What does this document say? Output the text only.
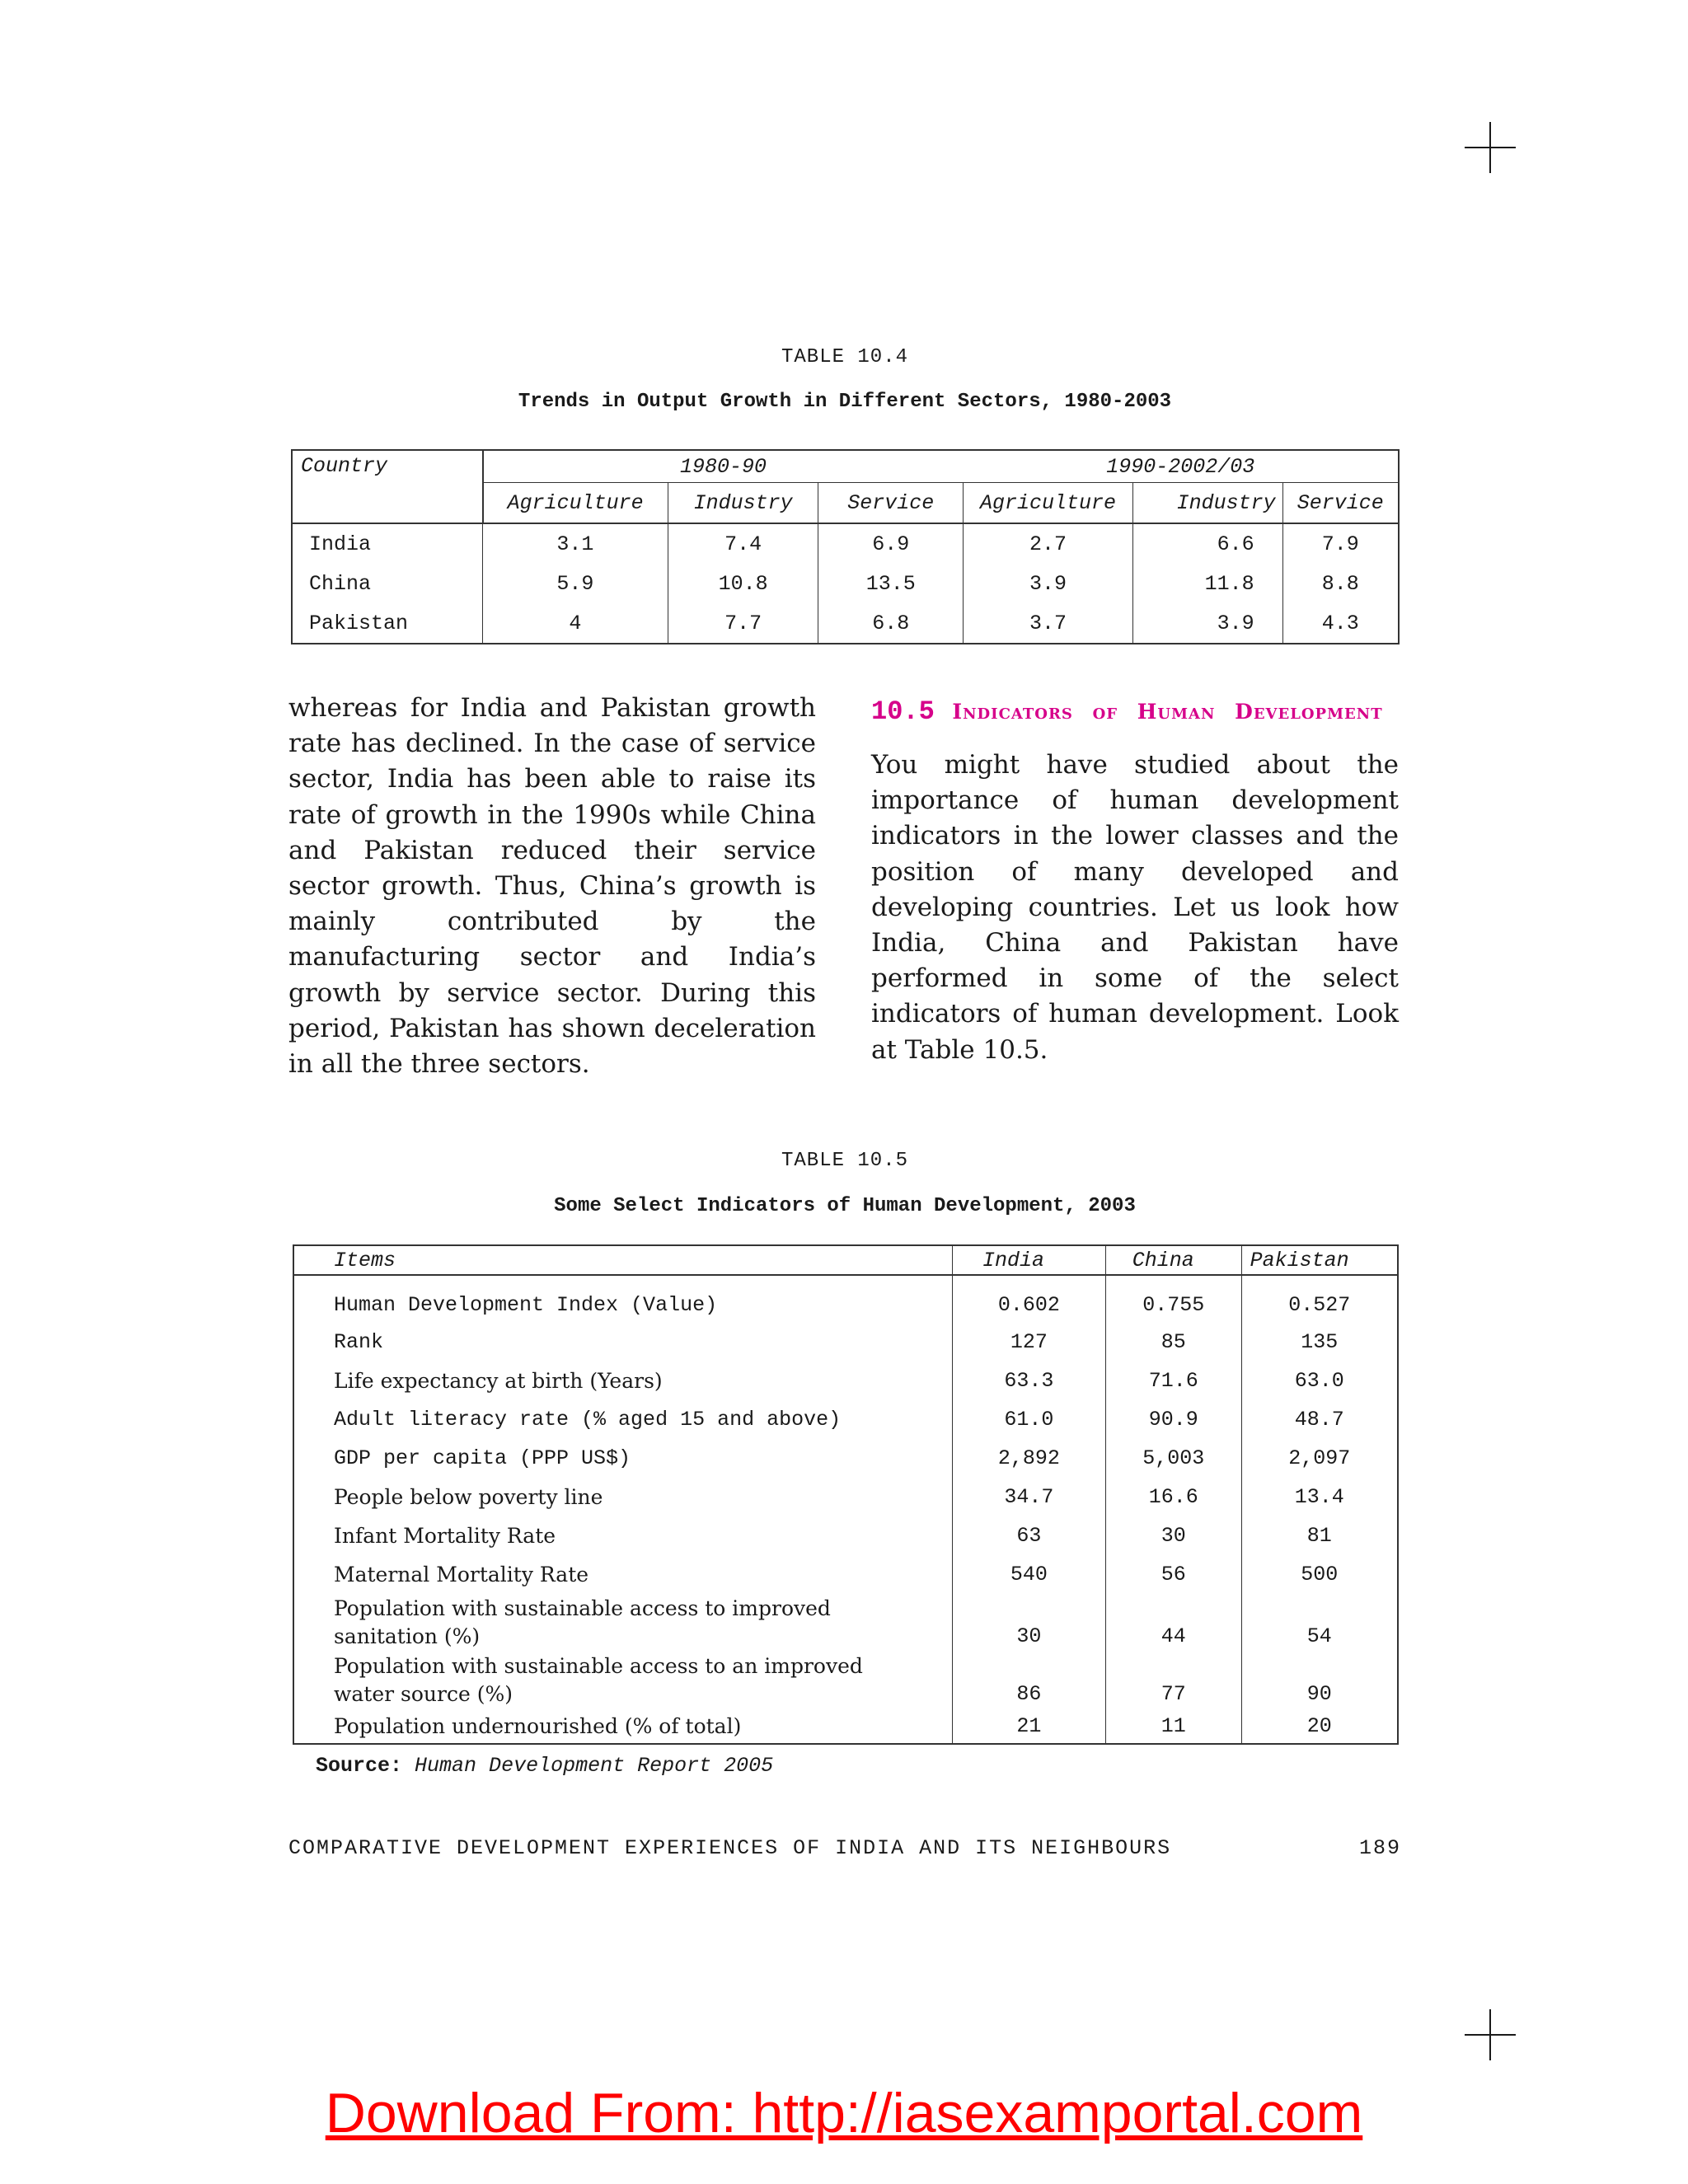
TABLE 10.4
Trends in Output Growth in Different Sectors, 1980-2003
Country	1980-90			1990-2002/03		
	Agriculture	Industry	Service	Agriculture	Industry	Service
India	3.1	7.4	6.9	2.7	6.6	7.9
China	5.9	10.8	13.5	3.9	11.8	8.8
Pakistan	4	7.7	6.8	3.7	3.9	4.3
whereas for India and Pakistan growth rate has declined. In the case of service sector, India has been able to raise its rate of growth in the 1990s while China and Pakistan reduced their service sector growth. Thus, China’s growth is mainly contributed by the manufacturing sector and India’s growth by service sector. During this period, Pakistan has shown deceleration in all the three sectors.
10.5 Indicators of Human Development
You might have studied about the importance of human development indicators in the lower classes and the position of many developed and developing countries. Let us look how India, China and Pakistan have performed in some of the select indicators of human development. Look at Table 10.5.
TABLE 10.5
Some Select Indicators of Human Development, 2003
Items	India	China	Pakistan
Human Development Index (Value)	0.602	0.755	0.527
Rank	127	85	135
Life expectancy at birth (Years)	63.3	71.6	63.0
Adult literacy rate (% aged 15 and above)	61.0	90.9	48.7
GDP per capita (PPP US$)	2,892	5,003	2,097
People below poverty line	34.7	16.6	13.4
Infant Mortality Rate	63	30	81
Maternal Mortality Rate	540	56	500
Population with sustainable access to improved sanitation (%)	30	44	54
Population with sustainable access to an improved water source (%)	86	77	90
Population undernourished (% of total)	21	11	20
Source: Human Development Report 2005
COMPARATIVE DEVELOPMENT EXPERIENCES OF INDIA AND ITS NEIGHBOURS	189
Download From: http://iasexamportal.com
